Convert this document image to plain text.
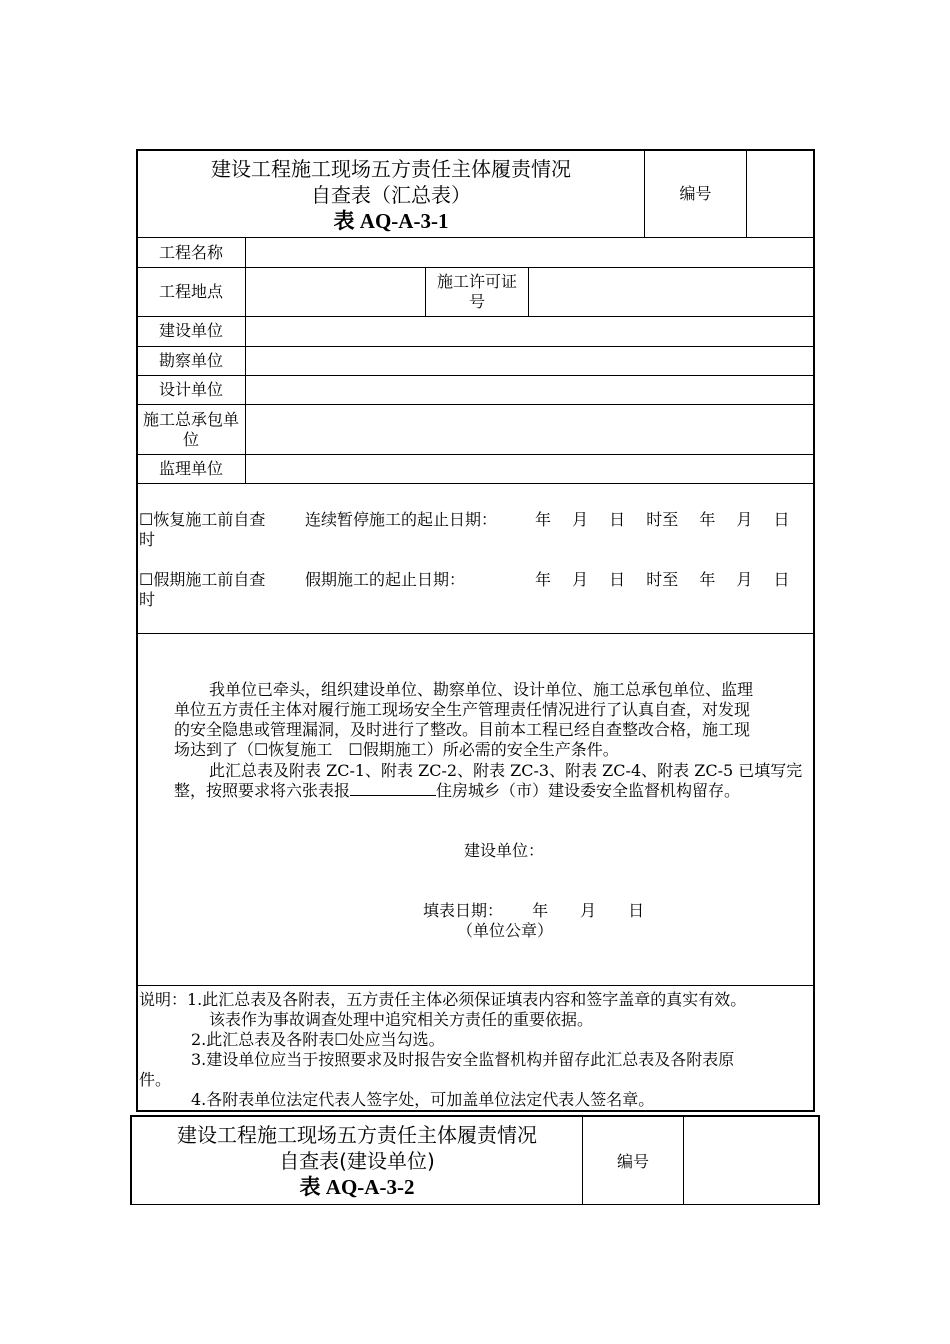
建设工程施工现场五方责任主体履责情况
自查表（汇总表）
表 AQ-A-3-1
编号
工程名称
工程地点
施工许可证
号
建设单位
勘察单位
设计单位
施工总承包单
位
监理单位
☐恢复施工前自查
时
连续暂停施工的起止日期： 年　 月　 日　 时至　 年　 月　 日
☐假期施工前自查
时
假期施工的起止日期：	年　 月　 日　 时至　 年　 月　 日
我单位已牵头，组织建设单位、勘察单位、设计单位、施工总承包单位、监理
单位五方责任主体对履行施工现场安全生产管理责任情况进行了认真自查，对发现
的安全隐患或管理漏洞，及时进行了整改。目前本工程已经自查整改合格，施工现
场达到了（☐恢复施工　☐假期施工）所必需的安全生产条件。
此汇总表及附表 ZC-1、附表 ZC-2、附表 ZC-3、附表 ZC-4、附表 ZC-5 已填写完
整，按照要求将六张表报	住房城乡（市）建设委安全监督机构留存。
建设单位：
填表日期：　　 年　　月　　日
（单位公章）
说明：1.此汇总表及各附表，五方责任主体必须保证填表内容和签字盖章的真实有效。
该表作为事故调查处理中追究相关方责任的重要依据。
2.此汇总表及各附表☐处应当勾选。
3.建设单位应当于按照要求及时报告安全监督机构并留存此汇总表及各附表原
件。
4.各附表单位法定代表人签字处，可加盖单位法定代表人签名章。
建设工程施工现场五方责任主体履责情况
自查表(建设单位)
表 AQ-A-3-2
编号
